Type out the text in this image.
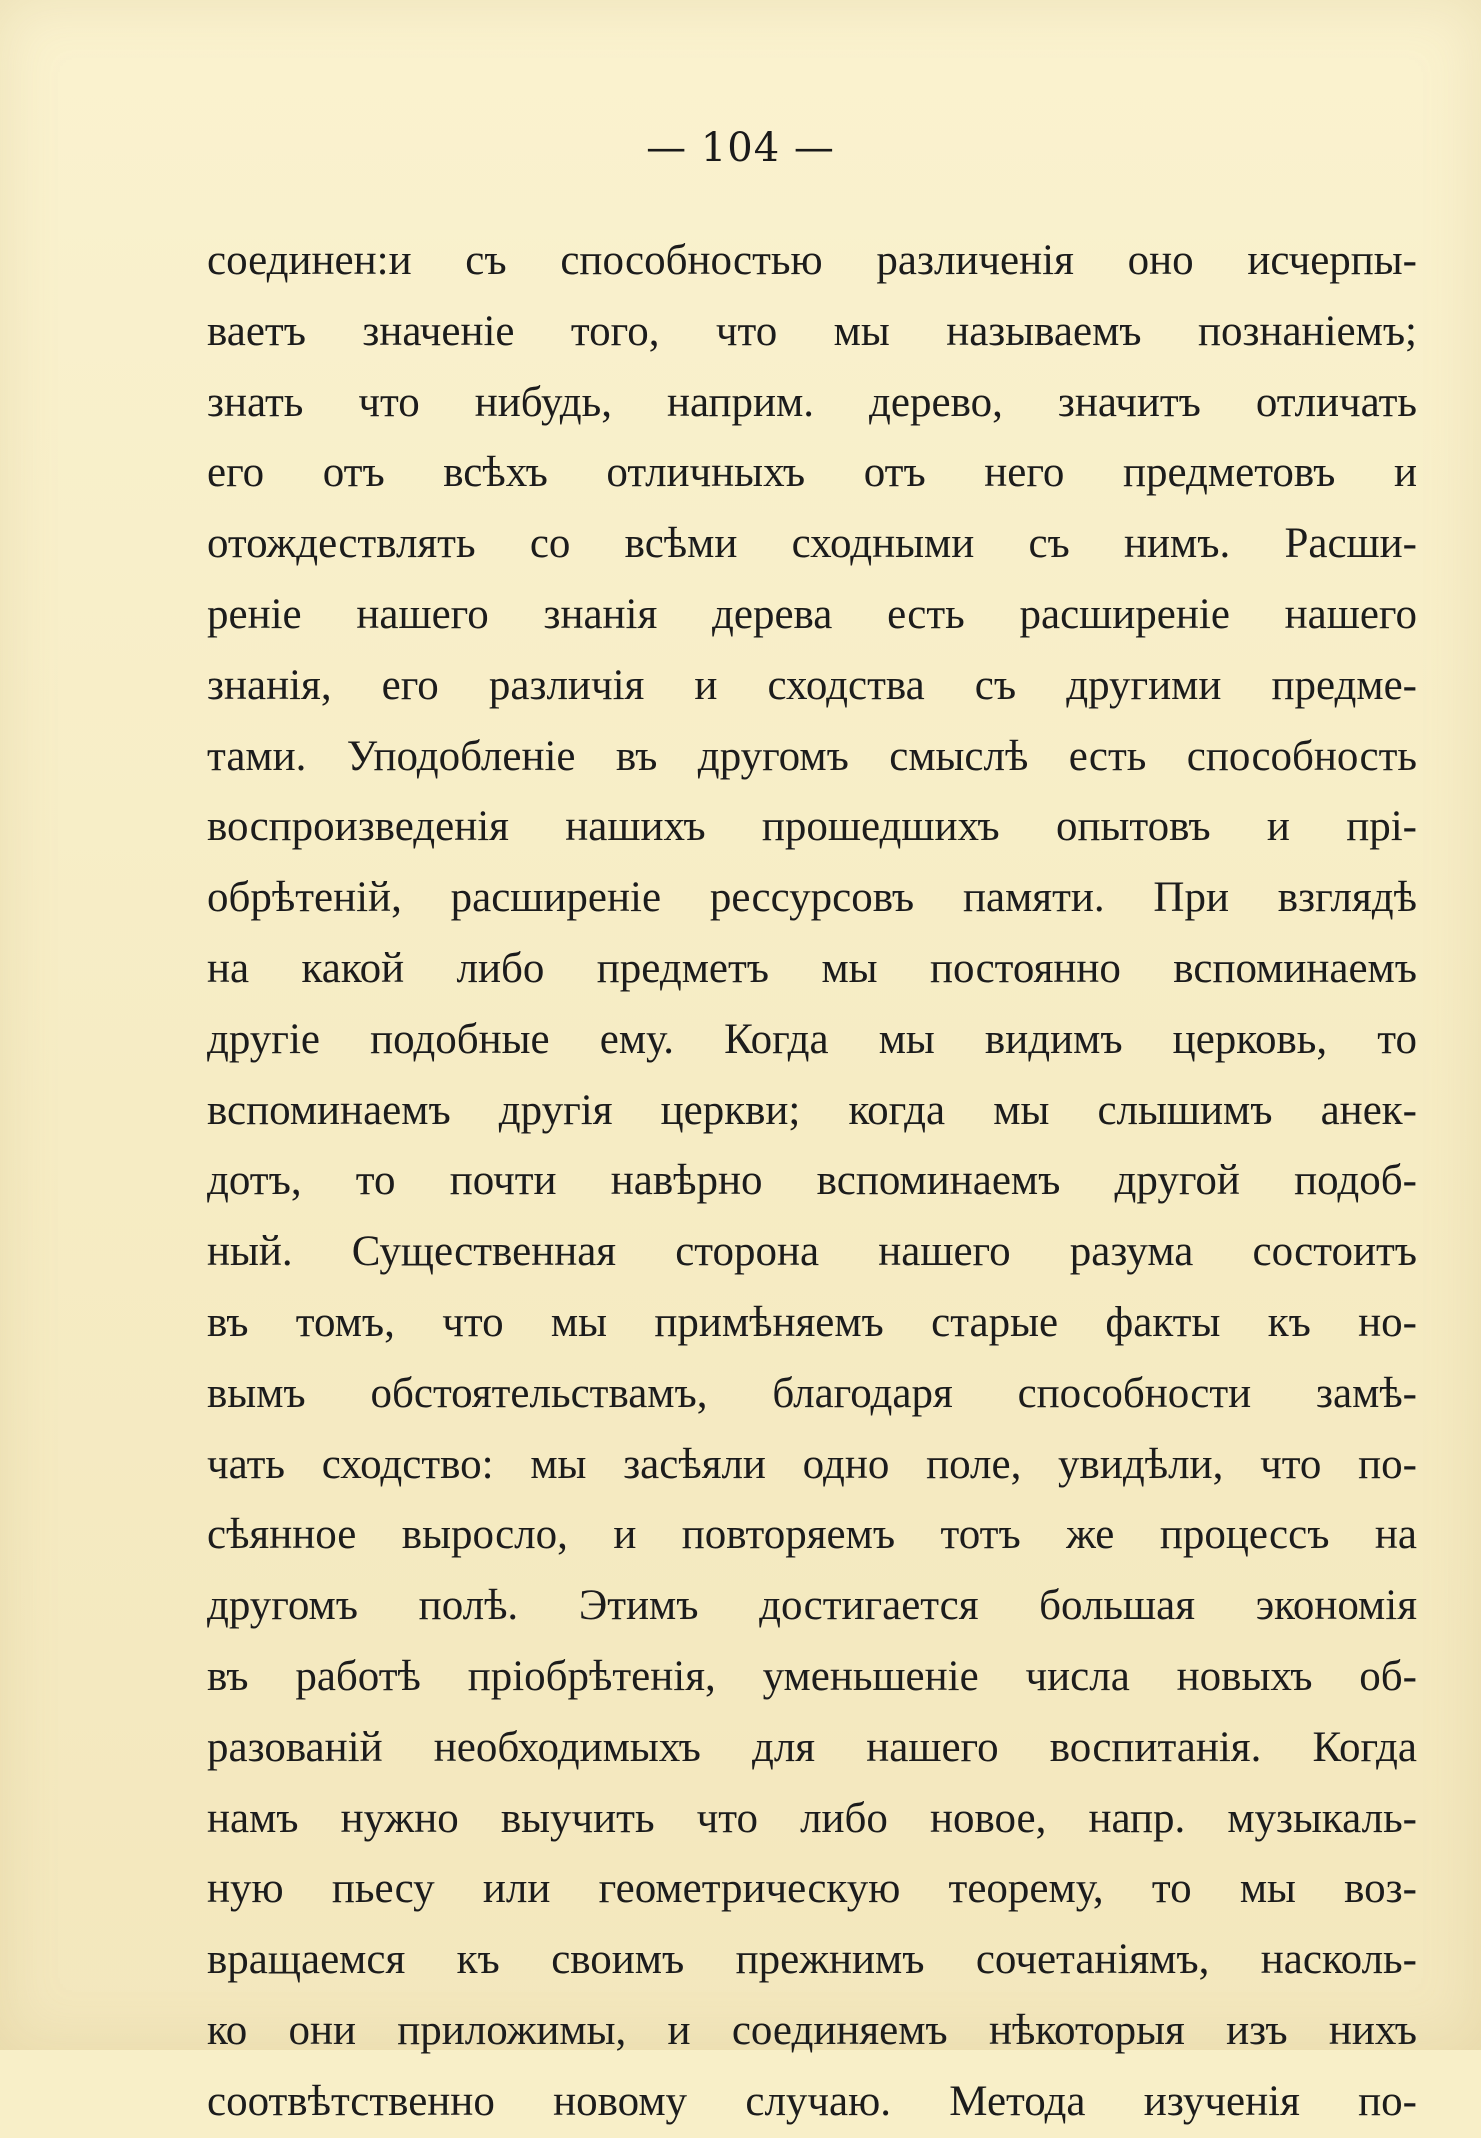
— 104 —
соединен:и съ способностью различенія оно исчерпы-
ваетъ значеніе того, что мы называемъ познаніемъ;
знать что нибудь, наприм. дерево, значитъ отличать
его отъ всѣхъ отличныхъ отъ него предметовъ и
отождествлять со всѣми сходными съ нимъ. Расши-
реніе нашего знанія дерева есть расширеніе нашего
знанія, его различія и сходства съ другими предме-
тами. Уподобленіе въ другомъ смыслѣ есть способность
воспроизведенія нашихъ прошедшихъ опытовъ и прі-
обрѣтеній, расширеніе рессурсовъ памяти. При взглядѣ
на какой либо предметъ мы постоянно вспоминаемъ
другіе подобные ему. Когда мы видимъ церковь, то
вспоминаемъ другія церкви; когда мы слышимъ анек-
дотъ, то почти навѣрно вспоминаемъ другой подоб-
ный. Существенная сторона нашего разума состоитъ
въ томъ, что мы примѣняемъ старые факты къ но-
вымъ обстоятельствамъ, благодаря способности замѣ-
чать сходство: мы засѣяли одно поле, увидѣли, что по-
сѣянное выросло, и повторяемъ тотъ же процессъ на
другомъ полѣ. Этимъ достигается большая экономія
въ работѣ пріобрѣтенія, уменьшеніе числа новыхъ об-
разованій необходимыхъ для нашего воспитанія. Когда
намъ нужно выучить что либо новое, напр. музыкаль-
ную пьесу или геометрическую теорему, то мы воз-
вращаемся къ своимъ прежнимъ сочетаніямъ, насколь-
ко они приложимы, и соединяемъ нѣкоторыя изъ нихъ
соотвѣтственно новому случаю. Метода изученія по-
